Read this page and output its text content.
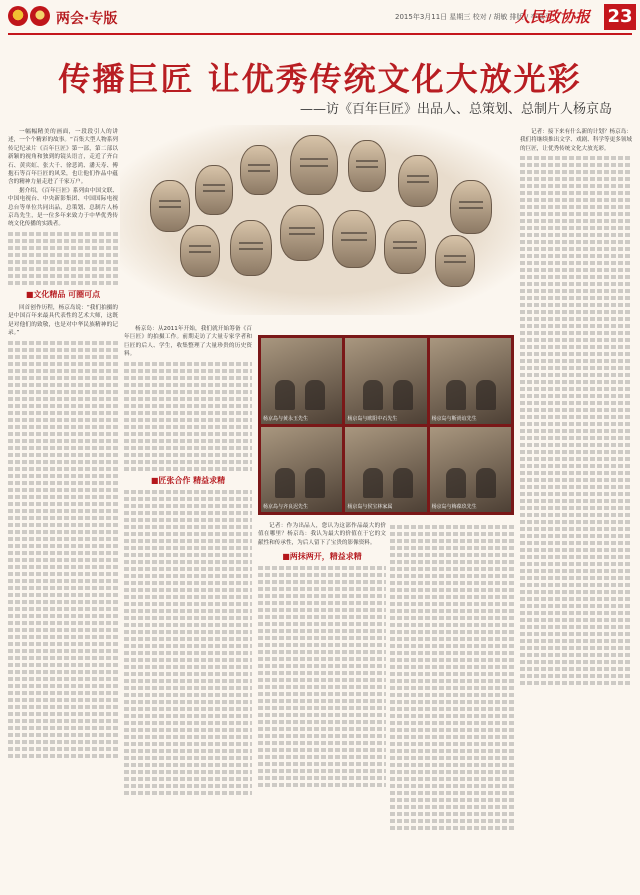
两会·专版	2015年3月11日 星期三 校对 / 胡敏 排版 / 李慕平
人民政协报 23
传播巨匠 让优秀传统文化大放光彩
——访《百年巨匠》出品人、总策划、总制片人杨京岛

一幅幅精美的画面，一段段引人的讲述，一个个精彩的故事。“百集大型人物系列传记纪录片《百年巨匠》第一部，第二部以新颖的视角和独到的镜头语言，走近了齐白石、黄宾虹、张大千、徐悲鸿、潘天寿、傅抱石等百年巨匠的风采，也让他们作品中蕴含的精神力量走进了千家万户。

据介绍，《百年巨匠》系列由中国文联、中国电视台、中央新影集团、中国国际电视总台等单位共同出品，总策划、总制片人杨京岛先生，是一位多年来致力于中华优秀传统文化传播的实践者。

■文化精品 可圈可点

回首创作历程，杨京岛说：“我们拍摄的是中国百年来最具代表性的艺术大师，这既是对他们的致敬，也是对中华民族精神的记录。”

记者：接下来有什么新的计划？杨京岛：我们将继续推出文学、戏剧、科学等更多领域的巨匠，让优秀传统文化大放光彩。

杨京岛：从2011年开始，我们就开始筹备《百年巨匠》的拍摄工作。前期走访了大量专家学者和巨匠的后人、学生，收集整理了大量珍贵的历史资料。

■匠张合作 精益求精
杨京岛与黄永玉先生	杨京岛与欧阳中石先生	杨京岛与靳尚谊先生
杨京岛与齐良迟先生	杨京岛与侯宝林家属	杨京岛与梅葆玖先生

记者：作为出品人，您认为这部作品最大的价值在哪里？杨京岛：我认为最大的价值在于它的文献性和传承性，为后人留下了宝贵的影像资料。

■两抹两开，精益求精
